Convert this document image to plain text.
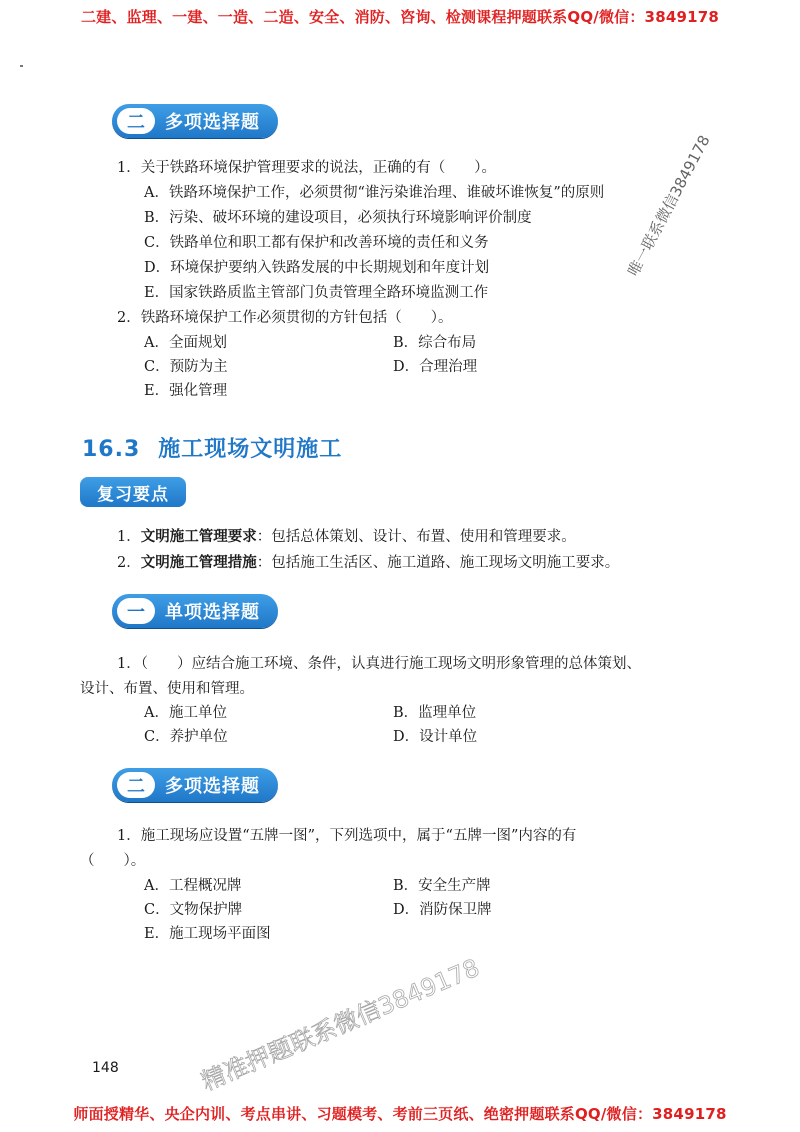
二建、监理、一建、一造、二造、安全、消防、咨询、检测课程押题联系QQ/微信：3849178
二	多项选择题
1．关于铁路环境保护管理要求的说法，正确的有（　　）。
A．铁路环境保护工作，必须贯彻“谁污染谁治理、谁破坏谁恢复”的原则
B．污染、破坏环境的建设项目，必须执行环境影响评价制度
C．铁路单位和职工都有保护和改善环境的责任和义务
D．环境保护要纳入铁路发展的中长期规划和年度计划
E．国家铁路质监主管部门负责管理全路环境监测工作
2．铁路环境保护工作必须贯彻的方针包括（　　）。
A．全面规划	B．综合布局
C．预防为主	D．合理治理
E．强化管理
16.3 施工现场文明施工
复习要点
1．文明施工管理要求：包括总体策划、设计、布置、使用和管理要求。
2．文明施工管理措施：包括施工生活区、施工道路、施工现场文明施工要求。
一	单项选择题
1．（　　）应结合施工环境、条件，认真进行施工现场文明形象管理的总体策划、
设计、布置、使用和管理。
A．施工单位	B．监理单位
C．养护单位	D．设计单位
二	多项选择题
1．施工现场应设置“五牌一图”，下列选项中，属于“五牌一图”内容的有
（　　）。
A．工程概况牌	B．安全生产牌
C．文物保护牌	D．消防保卫牌
E．施工现场平面图
唯一联系微信3849178
精准押题联系微信3849178
148
师面授精华、央企内训、考点串讲、习题模考、考前三页纸、绝密押题联系QQ/微信：3849178
